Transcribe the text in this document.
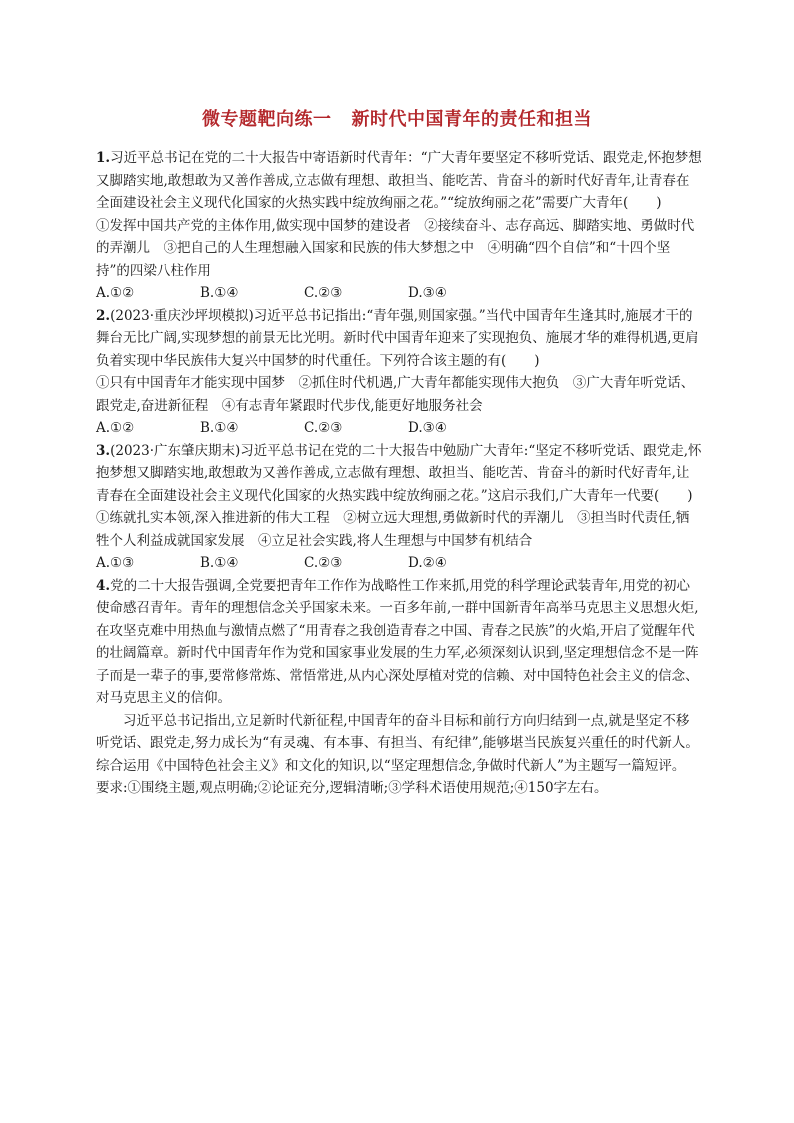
微专题靶向练一 新时代中国青年的责任和担当

1.习近平总书记在党的二十大报告中寄语新时代青年：“广大青年要坚定不移听党话、跟党走,怀抱梦想又脚踏实地,敢想敢为又善作善成,立志做有理想、敢担当、能吃苦、肯奋斗的新时代好青年,让青春在全面建设社会主义现代化国家的火热实践中绽放绚丽之花。”“绽放绚丽之花”需要广大青年( )

①发挥中国共产党的主体作用,做实现中国梦的建设者　②接续奋斗、志存高远、脚踏实地、勇做时代的弄潮儿　③把自己的人生理想融入国家和民族的伟大梦想之中　④明确“四个自信”和“十四个坚持”的四梁八柱作用

A.①②	B.①④	C.②③	D.③④

2.(2023·重庆沙坪坝模拟)习近平总书记指出:“青年强,则国家强。”当代中国青年生逢其时,施展才干的舞台无比广阔,实现梦想的前景无比光明。新时代中国青年迎来了实现抱负、施展才华的难得机遇,更肩负着实现中华民族伟大复兴中国梦的时代重任。下列符合该主题的有( )

①只有中国青年才能实现中国梦　②抓住时代机遇,广大青年都能实现伟大抱负　③广大青年听党话、跟党走,奋进新征程　④有志青年紧跟时代步伐,能更好地服务社会

A.①②	B.①④	C.②③	D.③④

3.(2023·广东肇庆期末)习近平总书记在党的二十大报告中勉励广大青年:“坚定不移听党话、跟党走,怀抱梦想又脚踏实地,敢想敢为又善作善成,立志做有理想、敢担当、能吃苦、肯奋斗的新时代好青年,让青春在全面建设社会主义现代化国家的火热实践中绽放绚丽之花。”这启示我们,广大青年一代要( )

①练就扎实本领,深入推进新的伟大工程　②树立远大理想,勇做新时代的弄潮儿　③担当时代责任,牺牲个人利益成就国家发展　④立足社会实践,将人生理想与中国梦有机结合

A.①③	B.①④	C.②③	D.②④

4.党的二十大报告强调,全党要把青年工作作为战略性工作来抓,用党的科学理论武装青年,用党的初心使命感召青年。青年的理想信念关乎国家未来。一百多年前,一群中国新青年高举马克思主义思想火炬,在攻坚克难中用热血与激情点燃了“用青春之我创造青春之中国、青春之民族”的火焰,开启了觉醒年代的壮阔篇章。新时代中国青年作为党和国家事业发展的生力军,必须深刻认识到,坚定理想信念不是一阵子而是一辈子的事,要常修常炼、常悟常进,从内心深处厚植对党的信赖、对中国特色社会主义的信念、对马克思主义的信仰。

习近平总书记指出,立足新时代新征程,中国青年的奋斗目标和前行方向归结到一点,就是坚定不移听党话、跟党走,努力成长为“有灵魂、有本事、有担当、有纪律”,能够堪当民族复兴重任的时代新人。

综合运用《中国特色社会主义》和文化的知识,以“坚定理想信念,争做时代新人”为主题写一篇短评。

要求:①围绕主题,观点明确;②论证充分,逻辑清晰;③学科术语使用规范;④150字左右。
